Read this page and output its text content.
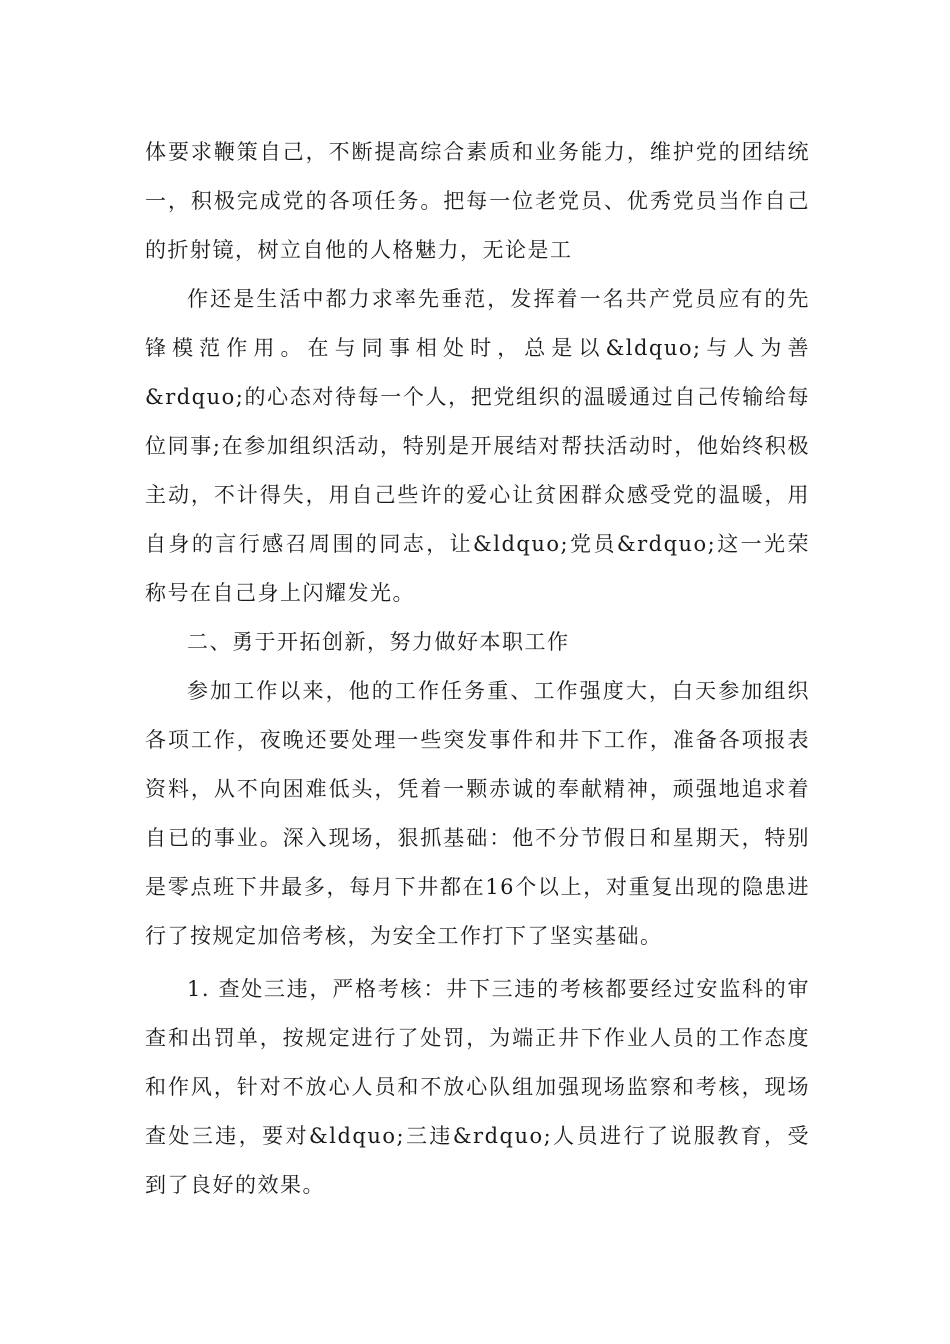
体要求鞭策自己，不断提高综合素质和业务能力，维护党的团结统一，积极完成党的各项任务。把每一位老党员、优秀党员当作自己的折射镜，树立自他的人格魅力，无论是工

作还是生活中都力求率先垂范，发挥着一名共产党员应有的先锋模范作用。在与同事相处时，总是以&ldquo;与人为善&rdquo;的心态对待每一个人，把党组织的温暖通过自己传输给每位同事;在参加组织活动，特别是开展结对帮扶活动时，他始终积极主动，不计得失，用自己些许的爱心让贫困群众感受党的温暖，用自身的言行感召周围的同志，让&ldquo;党员&rdquo;这一光荣称号在自己身上闪耀发光。

二、勇于开拓创新，努力做好本职工作

参加工作以来，他的工作任务重、工作强度大，白天参加组织各项工作，夜晚还要处理一些突发事件和井下工作，准备各项报表资料，从不向困难低头，凭着一颗赤诚的奉献精神，顽强地追求着自已的事业。深入现场，狠抓基础：他不分节假日和星期天，特别是零点班下井最多，每月下井都在16个以上，对重复出现的隐患进行了按规定加倍考核，为安全工作打下了坚实基础。

1. 查处三违，严格考核：井下三违的考核都要经过安监科的审查和出罚单，按规定进行了处罚，为端正井下作业人员的工作态度和作风，针对不放心人员和不放心队组加强现场监察和考核，现场查处三违，要对&ldquo;三违&rdquo;人员进行了说服教育，受到了良好的效果。
